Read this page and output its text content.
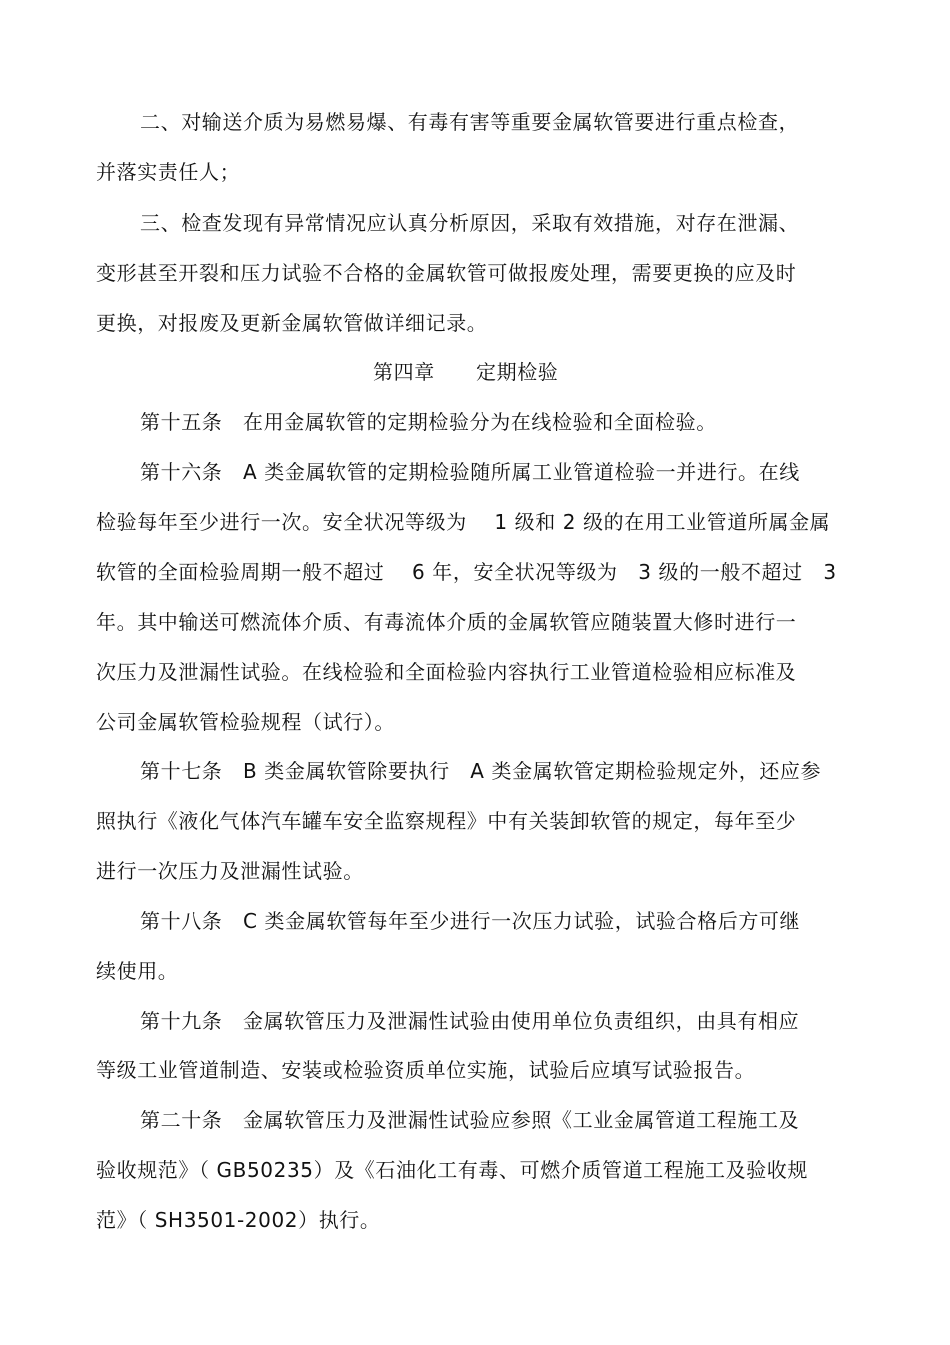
二、对输送介质为易燃易爆、有毒有害等重要金属软管要进行重点检查，
并落实责任人；
三、检查发现有异常情况应认真分析原因，采取有效措施，对存在泄漏、
变形甚至开裂和压力试验不合格的金属软管可做报废处理，需要更换的应及时
更换，对报废及更新金属软管做详细记录。
第四章　　定期检验
第十五条　在用金属软管的定期检验分为在线检验和全面检验。
第十六条　A 类金属软管的定期检验随所属工业管道检验一并进行。在线
检验每年至少进行一次。安全状况等级为　 1 级和 2 级的在用工业管道所属金属
软管的全面检验周期一般不超过　 6 年，安全状况等级为　3 级的一般不超过　3
年。其中输送可燃流体介质、有毒流体介质的金属软管应随装置大修时进行一
次压力及泄漏性试验。在线检验和全面检验内容执行工业管道检验相应标准及
公司金属软管检验规程（试行）。
第十七条　B 类金属软管除要执行　A 类金属软管定期检验规定外，还应参
照执行《液化气体汽车罐车安全监察规程》中有关装卸软管的规定，每年至少
进行一次压力及泄漏性试验。
第十八条　C 类金属软管每年至少进行一次压力试验，试验合格后方可继
续使用。
第十九条　金属软管压力及泄漏性试验由使用单位负责组织，由具有相应
等级工业管道制造、安装或检验资质单位实施，试验后应填写试验报告。
第二十条　金属软管压力及泄漏性试验应参照《工业金属管道工程施工及
验收规范》（ GB50235）及《石油化工有毒、可燃介质管道工程施工及验收规
范》（ SH3501-2002）执行。
